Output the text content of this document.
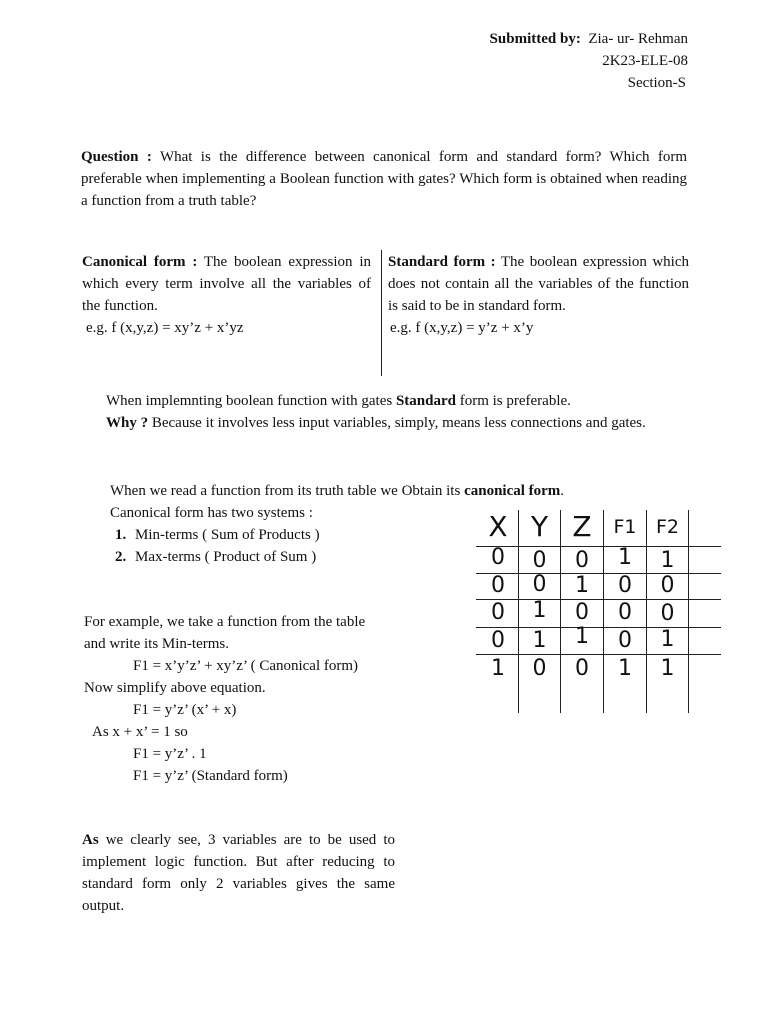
Submitted by: Zia- ur- Rehman
2K23-ELE-08
Section-S
Question : What is the difference between canonical form and standard form? Which form preferable when implementing a Boolean function with gates? Which form is obtained when reading a function from a truth table?
Canonical form : The boolean expression in which every term involve all the variables of the function.
e.g. f (x,y,z) = xy’z + x’yz
Standard form : The boolean expression which does not contain all the variables of the function is said to be in standard form.
e.g. f (x,y,z) = y’z + x’y
When implemnting boolean function with gates Standard form is preferable.
Why ? Because it involves less input variables, simply, means less connections and gates.
When we read a function from its truth table we Obtain its canonical form.
Canonical form has two systems :
1. Min-terms ( Sum of Products )
2. Max-terms ( Product of Sum )
X Y Z	F1	F2
0	0	0	1	1
0	0	1	0	0
0	1	0	0	0
0	1	1	0	1
1	0	0	1	1
For example, we take a function from the table
and write its Min-terms.
F1 = x’y’z’ + xy’z’ ( Canonical form)
Now simplify above equation.
F1 = y’z’ (x’ + x)
As x + x’ = 1 so
F1 = y’z’ . 1
F1 = y’z’ (Standard form)
As we clearly see, 3 variables are to be used to implement logic function. But after reducing to standard form only 2 variables gives the same output.
